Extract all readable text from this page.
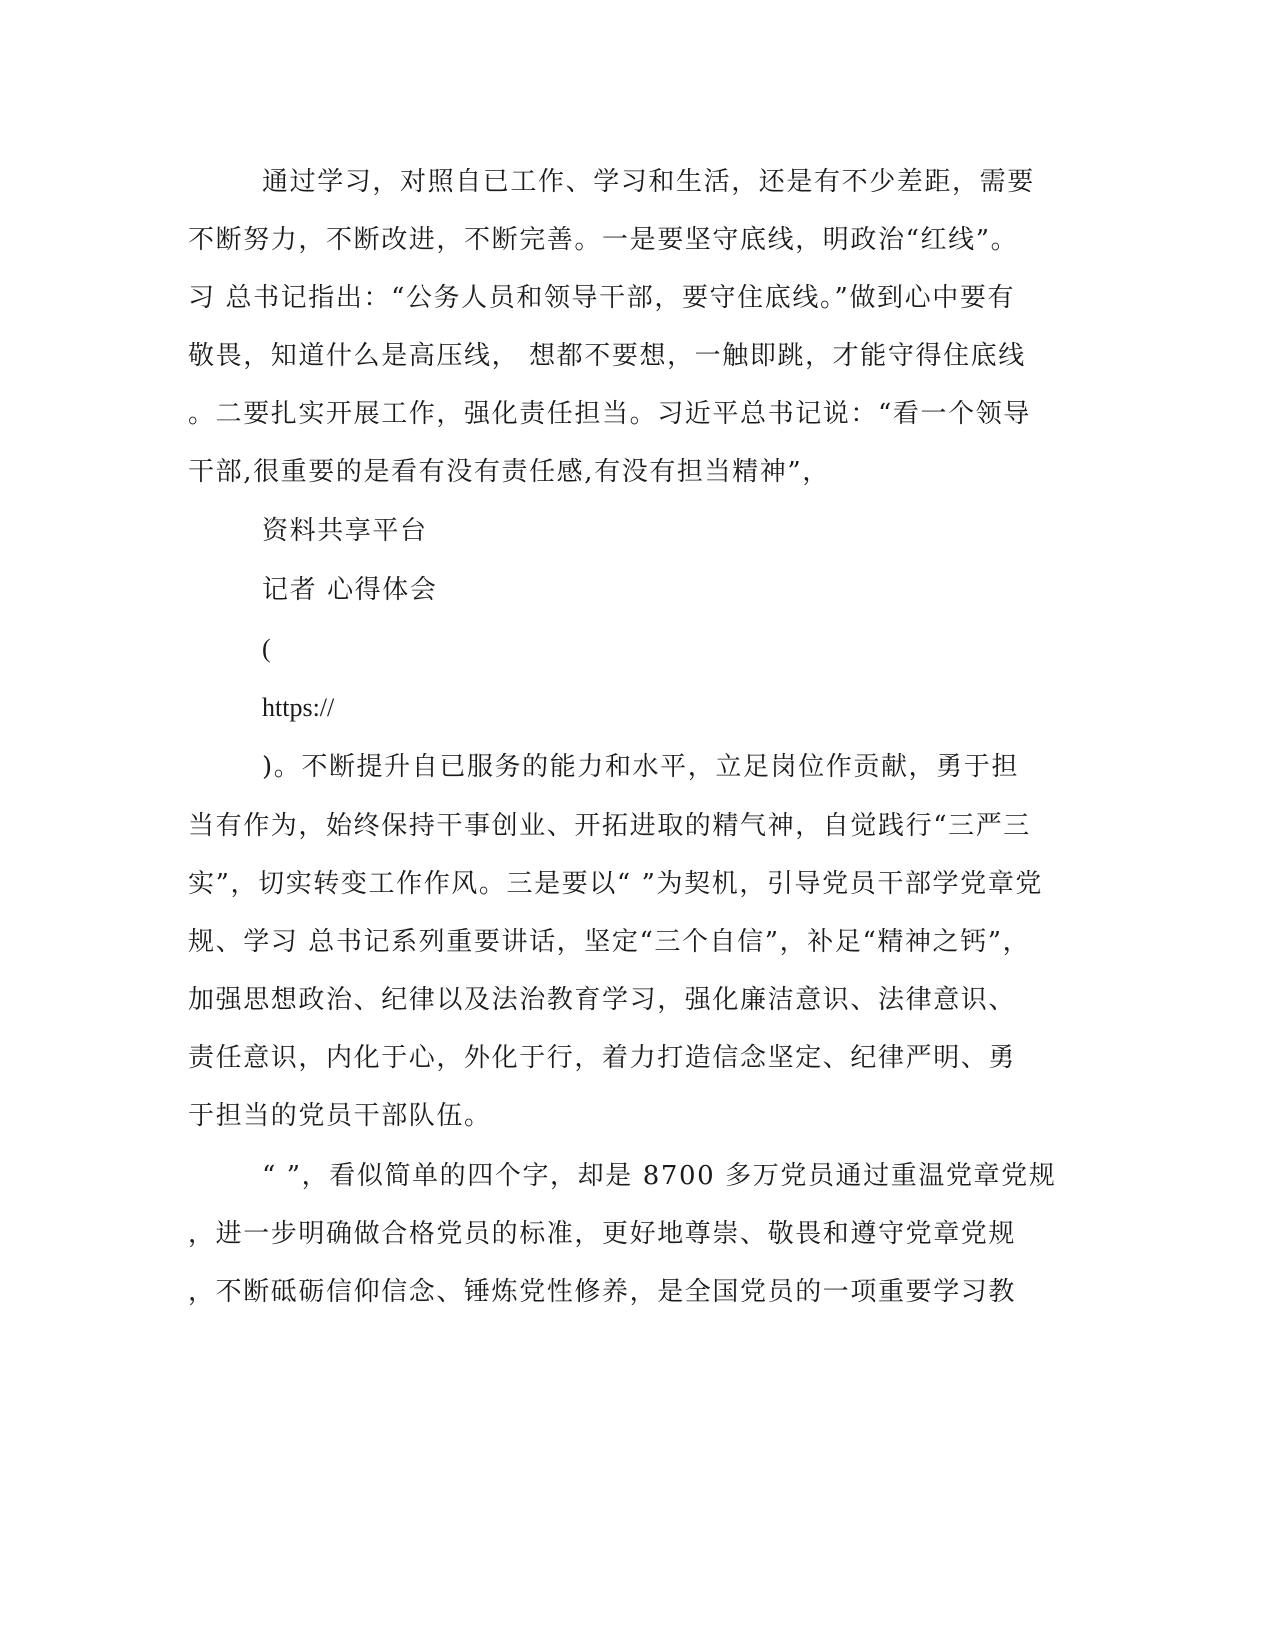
通过学习，对照自已工作、学习和生活，还是有不少差距，需要
不断努力，不断改进，不断完善。一是要坚守底线，明政治“红线”。
习 总书记指出：“公务人员和领导干部，要守住底线。”做到心中要有
敬畏，知道什么是高压线， 想都不要想，一触即跳，才能守得住底线
。二要扎实开展工作，强化责任担当。习近平总书记说：“看一个领导
干部,很重要的是看有没有责任感,有没有担当精神”，
资料共享平台
记者 心得体会
(
https://
)。不断提升自已服务的能力和水平，立足岗位作贡献，勇于担
当有作为，始终保持干事创业、开拓进取的精气神，自觉践行“三严三
实”，切实转变工作作风。三是要以“ ”为契机，引导党员干部学党章党
规、学习 总书记系列重要讲话，坚定“三个自信”，补足“精神之钙”，
加强思想政治、纪律以及法治教育学习，强化廉洁意识、法律意识、
责任意识，内化于心，外化于行，着力打造信念坚定、纪律严明、勇
于担当的党员干部队伍。
“ ”，看似简单的四个字，却是 8700 多万党员通过重温党章党规
，进一步明确做合格党员的标准，更好地尊崇、敬畏和遵守党章党规
，不断砥砺信仰信念、锤炼党性修养，是全国党员的一项重要学习教
